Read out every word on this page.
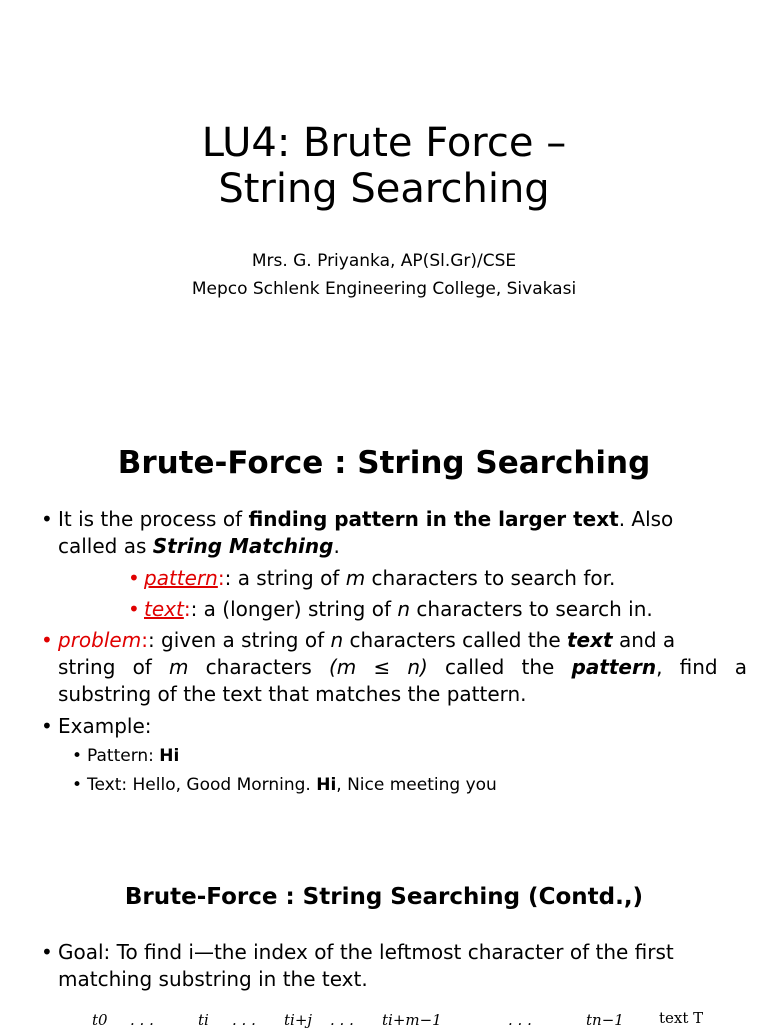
LU4: Brute Force –
String Searching
Mrs. G. Priyanka, AP(Sl.Gr)/CSE
Mepco Schlenk Engineering College, Sivakasi
Brute-Force : String Searching
• It is the process of finding pattern in the larger text. Also
called as String Matching.
• pattern:: a string of m characters to search for.
• text:: a (longer) string of n characters to search in.
• problem:: given a string of n characters called the text and a
string of m characters (m ≤ n) called the pattern, find a
substring of the text that matches the pattern.
• Example:
• Pattern: Hi
• Text: Hello, Good Morning. Hi, Nice meeting you
Brute-Force : String Searching (Contd.,)
• Goal: To find i—the index of the leftmost character of the first
matching substring in the text.
t0 . . .	ti . . . ti+j . . . ti+m−1	. . .	tn−1 text T
